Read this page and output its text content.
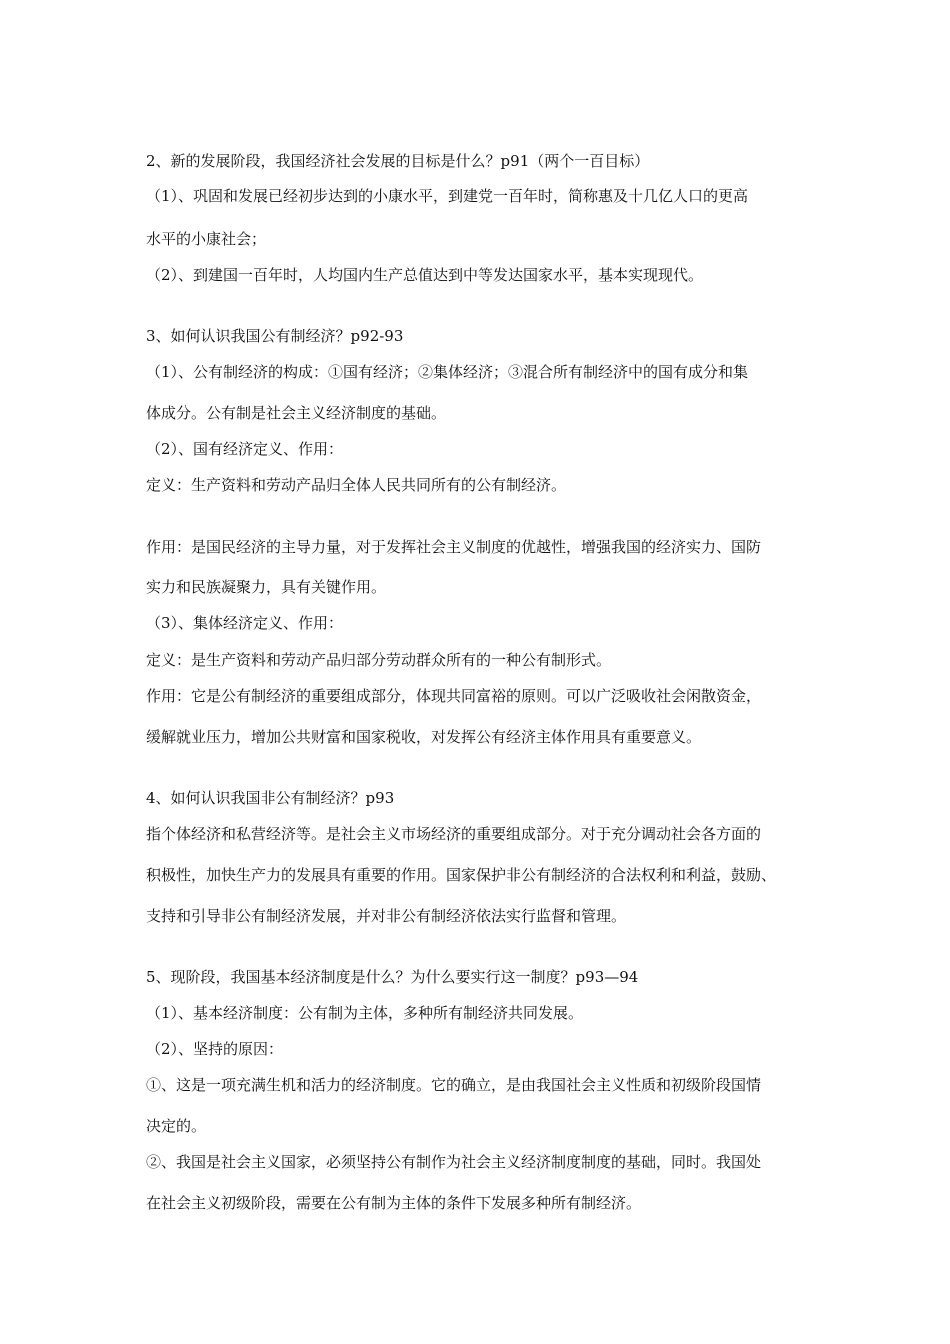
2、新的发展阶段，我国经济社会发展的目标是什么？p91（两个一百目标）
（1）、巩固和发展已经初步达到的小康水平，到建党一百年时，简称惠及十几亿人口的更高
水平的小康社会；
（2）、到建国一百年时，人均国内生产总值达到中等发达国家水平，基本实现现代。
3、如何认识我国公有制经济？p92-93
（1）、公有制经济的构成：①国有经济；②集体经济；③混合所有制经济中的国有成分和集
体成分。公有制是社会主义经济制度的基础。
（2）、国有经济定义、作用：
定义：生产资料和劳动产品归全体人民共同所有的公有制经济。
作用：是国民经济的主导力量，对于发挥社会主义制度的优越性，增强我国的经济实力、国防
实力和民族凝聚力，具有关键作用。
（3）、集体经济定义、作用：
定义：是生产资料和劳动产品归部分劳动群众所有的一种公有制形式。
作用：它是公有制经济的重要组成部分，体现共同富裕的原则。可以广泛吸收社会闲散资金，
缓解就业压力，增加公共财富和国家税收，对发挥公有经济主体作用具有重要意义。
4、如何认识我国非公有制经济？p93
指个体经济和私营经济等。是社会主义市场经济的重要组成部分。对于充分调动社会各方面的
积极性，加快生产力的发展具有重要的作用。国家保护非公有制经济的合法权利和利益，鼓励、
支持和引导非公有制经济发展，并对非公有制经济依法实行监督和管理。
5、现阶段，我国基本经济制度是什么？为什么要实行这一制度？p93—94
（1）、基本经济制度：公有制为主体，多种所有制经济共同发展。
（2）、坚持的原因：
①、这是一项充满生机和活力的经济制度。它的确立，是由我国社会主义性质和初级阶段国情
决定的。
②、我国是社会主义国家，必须坚持公有制作为社会主义经济制度制度的基础，同时。我国处
在社会主义初级阶段，需要在公有制为主体的条件下发展多种所有制经济。
